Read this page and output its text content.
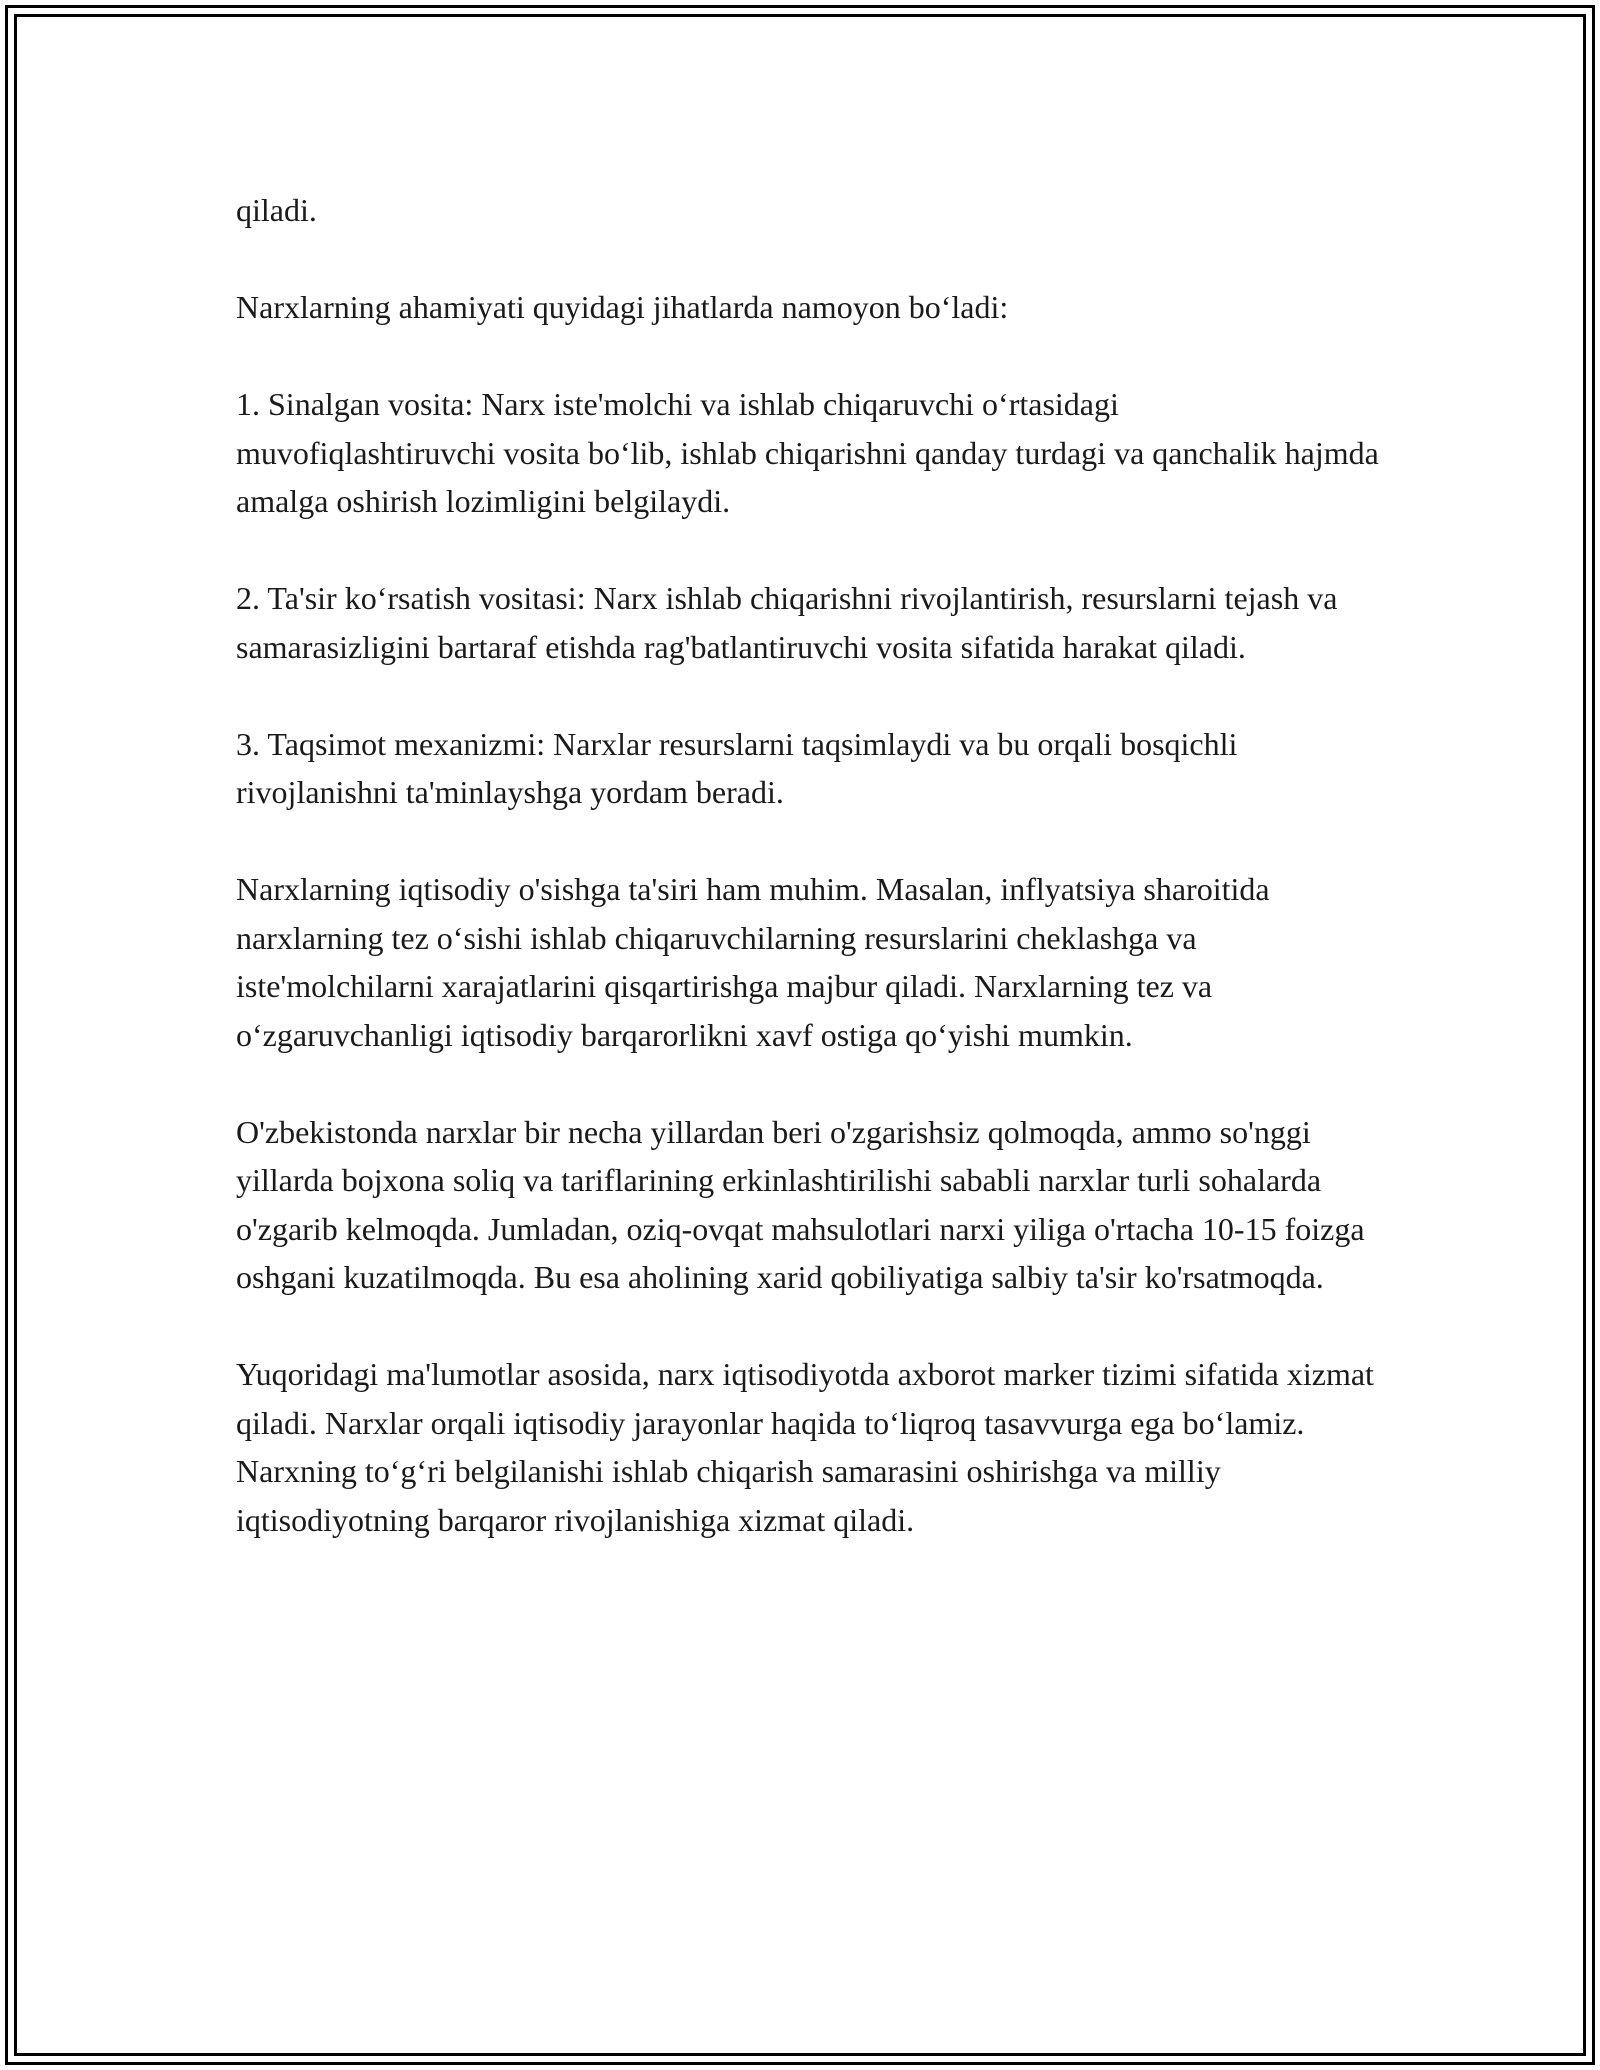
qiladi.

Narxlarning ahamiyati quyidagi jihatlarda namoyon bo‘ladi:

1. Sinalgan vosita: Narx iste'molchi va ishlab chiqaruvchi o‘rtasidagi muvofiqlashtiruvchi vosita bo‘lib, ishlab chiqarishni qanday turdagi va qanchalik hajmda amalga oshirish lozimligini belgilaydi.

2. Ta'sir ko‘rsatish vositasi: Narx ishlab chiqarishni rivojlantirish, resurslarni tejash va samarasizligini bartaraf etishda rag'batlantiruvchi vosita sifatida harakat qiladi.

3. Taqsimot mexanizmi: Narxlar resurslarni taqsimlaydi va bu orqali bosqichli rivojlanishni ta'minlayshga yordam beradi.

Narxlarning iqtisodiy o'sishga ta'siri ham muhim. Masalan, inflyatsiya sharoitida narxlarning tez o‘sishi ishlab chiqaruvchilarning resurslarini cheklashga va iste'molchilarni xarajatlarini qisqartirishga majbur qiladi. Narxlarning tez va o‘zgaruvchanligi iqtisodiy barqarorlikni xavf ostiga qo‘yishi mumkin.

O'zbekistonda narxlar bir necha yillardan beri o'zgarishsiz qolmoqda, ammo so'nggi yillarda bojxona soliq va tariflarining erkinlashtirilishi sababli narxlar turli sohalarda o'zgarib kelmoqda. Jumladan, oziq-ovqat mahsulotlari narxi yiliga o'rtacha 10-15 foizga oshgani kuzatilmoqda. Bu esa aholining xarid qobiliyatiga salbiy ta'sir ko'rsatmoqda.

Yuqoridagi ma'lumotlar asosida, narx iqtisodiyotda axborot marker tizimi sifatida xizmat qiladi. Narxlar orqali iqtisodiy jarayonlar haqida to‘liqroq tasavvurga ega bo‘lamiz. Narxning to‘g‘ri belgilanishi ishlab chiqarish samarasini oshirishga va milliy iqtisodiyotning barqaror rivojlanishiga xizmat qiladi.
